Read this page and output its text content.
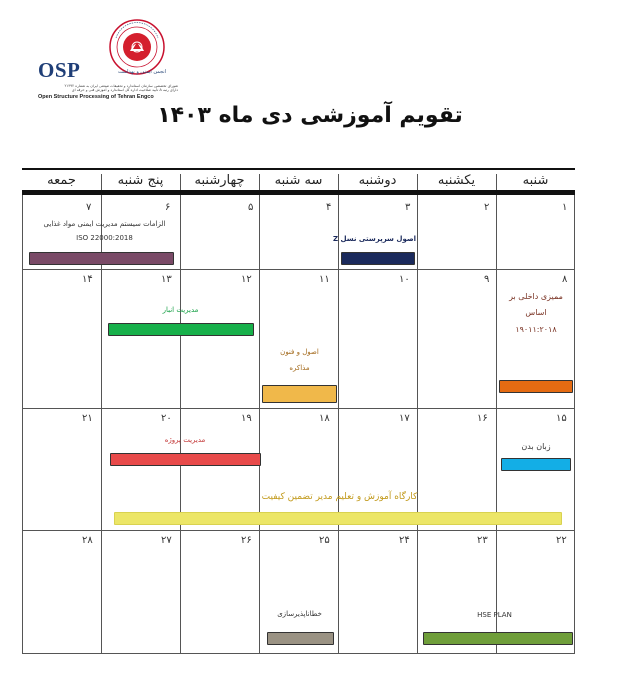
OSP
شورای تخصصی سازمان استاندارد و تحقیقات صنعتی ایران به شماره ۲۱۳۹۲
دارای رتبه A تأیید صلاحیت اداره کل استاندارد و آموزش فنی و حرفه ای
Open Structure Processing of Tehran Engco
انجمن ایمنی و بهداشت
تقویم آموزشی دی ماه ۱۴۰۳
شنبه
یکشنبه
دوشنبه
سه شنبه
چهارشنبه
پنج شنبه
جمعه
۱
۲
۳
۴
۵
۶
۷
۸
۹
۱۰
۱۱
۱۲
۱۳
۱۴
۱۵
۱۶
۱۷
۱۸
۱۹
۲۰
۲۱
۲۲
۲۳
۲۴
۲۵
۲۶
۲۷
۲۸
الزامات سیستم مدیریت ایمنی مواد غذایی
ISO 22000:2018	اصول سرپرستی نسل Z
ممیزی داخلی بر
اساس
۱۹۰۱۱:۲۰۱۸
مدیریت انبار
اصول و فنون
مذاکره
زبان بدن
مدیریت پروژه
کارگاه آموزش و تعلیم مدیر تضمین کیفیت
خطاناپذیرسازی	HSE PLAN
